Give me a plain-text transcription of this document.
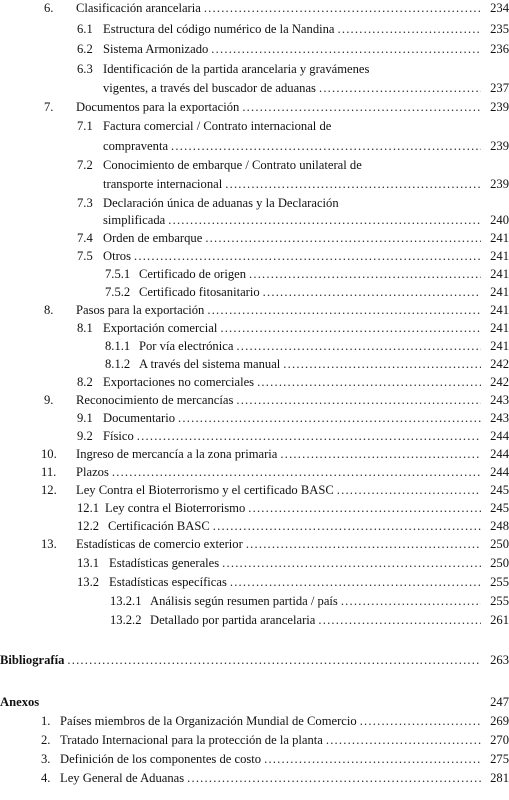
6. Clasificación arancelaria .....	234
6.1 Estructura del código numérico de la Nandina .....	235
6.2 Sistema Armonizado .....	236
6.3 Identificación de la partida arancelaria y gravámenes
vigentes, a través del buscador de aduanas .....	237
7. Documentos para la exportación .....	239
7.1 Factura comercial / Contrato internacional de
compraventa .....	239
7.2 Conocimiento de embarque / Contrato unilateral de
transporte internacional .....	239
7.3 Declaración única de aduanas y la Declaración
simplificada .....	240
7.4 Orden de embarque .....	241
7.5 Otros .....	241
7.5.1 Certificado de origen .....	241
7.5.2 Certificado fitosanitario .....	241
8. Pasos para la exportación .....	241
8.1 Exportación comercial .....	241
8.1.1 Por vía electrónica .....	241
8.1.2 A través del sistema manual .....	242
8.2 Exportaciones no comerciales .....	242
9. Reconocimiento de mercancías .....	243
9.1 Documentario .....	243
9.2 Físico .....	244
10. Ingreso de mercancía a la zona primaria .....	244
11. Plazos .....	244
12. Ley Contra el Bioterrorismo y el certificado BASC .....	245
12.1 Ley contra el Bioterrorismo .....	245
12.2 Certificación BASC .....	248
13. Estadísticas de comercio exterior .....	250
13.1 Estadísticas generales .....	250
13.2 Estadísticas específicas .....	255
13.2.1 Análisis según resumen partida / país .....	255
13.2.2 Detallado por partida arancelaria .....	261
Bibliografía .....	263
Anexos	247
1. Países miembros de la Organización Mundial de Comercio .....	269
2. Tratado Internacional para la protección de la planta .....	270
3. Definición de los componentes de costo .....	275
4. Ley General de Aduanas .....	281
